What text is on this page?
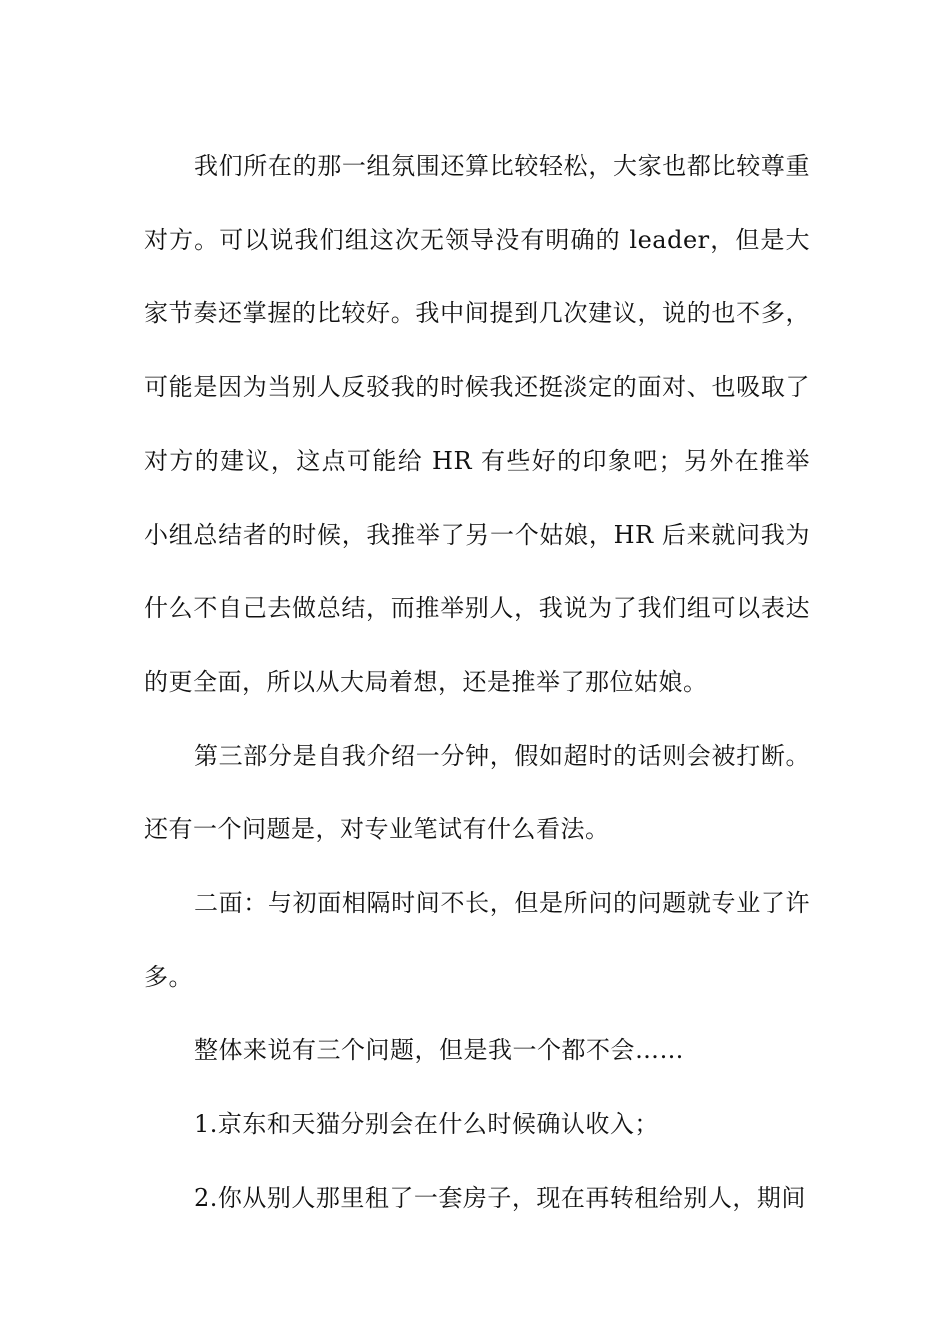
我们所在的那一组氛围还算比较轻松，大家也都比较尊重对方。可以说我们组这次无领导没有明确的 leader，但是大家节奏还掌握的比较好。我中间提到几次建议，说的也不多，可能是因为当别人反驳我的时候我还挺淡定的面对、也吸取了对方的建议，这点可能给 HR 有些好的印象吧；另外在推举小组总结者的时候，我推举了另一个姑娘，HR 后来就问我为什么不自己去做总结，而推举别人，我说为了我们组可以表达的更全面，所以从大局着想，还是推举了那位姑娘。

第三部分是自我介绍一分钟，假如超时的话则会被打断。还有一个问题是，对专业笔试有什么看法。

二面：与初面相隔时间不长，但是所问的问题就专业了许多。

整体来说有三个问题，但是我一个都不会……

1.京东和天猫分别会在什么时候确认收入；

2.你从别人那里租了一套房子，现在再转租给别人，期间
